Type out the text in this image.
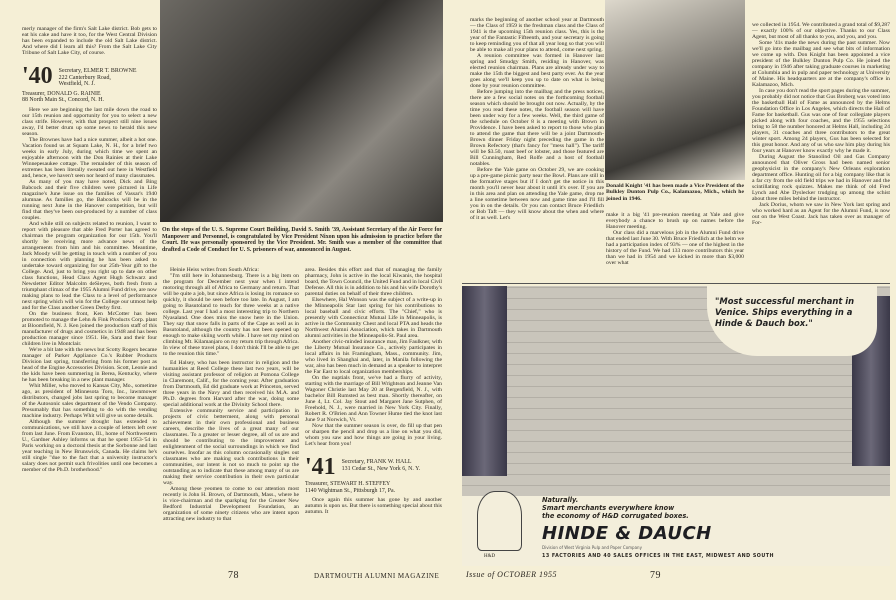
merly manager of the firm's Salt Lake district. Bob gets to eat his cake and have it too, for the West Central Division has been expanded to include the old Salt Lake district. And where did I learn all this? From the Salt Lake City Tribune of Salt Lake City, of course.

'40 Secretary, ELMER T. BROWNE
222 Canterbury Road,
Westfield, N. J.
Treasurer, DONALD G. RAINIE
88 North Main St., Concord, N. H.

Here we are beginning the last mile down the road to our 15th reunion and opportunity for you to select a new class strife. However, with that prospect still nine issues away, I'd better drum up some news to herald this new season.

The Brownes have had a nice summer, albeit a hot one. Vacation found us at Squam Lake, N. H., for a brief two weeks in early July, during which time we spent an enjoyable afternoon with the Don Rainies at their Lake Winnepesaukee cottage. The remainder of this season of extremes has been literally sweated out here in Westfield and, hence, we haven't seen nor heard of many classmates.

As many of you may have noted, Dick and Bing Babcock and their five children were pictured in Life magazine's June issue on the families of Vassar's 1940 alumnae. As families go, the Babcocks will be in the running next June in the Hanover competition, but will find that they've been out-produced by a number of class couples.

And while still on subjects related to reunion, I want to report with pleasure that able Fred Porter has agreed to chairman the program organization for our 15th. You'll shortly be receiving more advance news of the arrangements from him and his committee. Meantime, Jack Moody will be getting in touch with a number of you in connection with planning he has been asked to undertake toward organizing for our 25th-Year gift to the College. And, just to bring you right up to date on other class functions, Head Class Agent Hugh Schwarz and Newsletter Editor Malcolm deSieyes, both fresh from a triumphant climax of the 1955 Alumni Fund drive, are now making plans to lead the Class to a level of performance next spring which will win for the College our utmost help and for the Class another Green Derby first.

On the business front, Ken McCotter has been promoted to manage the Lehn & Fink Products Corp. plant at Bloomfield, N. J. Ken joined the production staff of this manufacturer of drugs and cosmetics in 1948 and has been production manager since 1951. He, Sara and their four children live in Montclair.

We're a bit late with the news but Scotty Rogers became manager of Parker Appliance Co.'s Rubber Products Division last spring, transferring from his former post as head of the Engine Accessories Division. Scott, Leonie and the kids have been summering in Berea, Kentucky, where he has been breaking in a new plant manager.

Whit Miller, who moved to Kansas City, Mo., sometime ago, as president of Minnesota Toro, Inc., lawnmower distributors, changed jobs last spring to become manager of the Autosonic sales department of the Vendo Company. Presumably that has something to do with the vending machine industry. Perhaps Whit will give us some details.

Although the summer drought has extended to communications, we still have a couple of letters left over from last June. From Evanston, Ill., home of Northwestern U., Gardner Ashley informs us that he spent 1953-'54 in Paris working on a doctoral thesis at the Sorbonne and last year teaching in New Brunswick, Canada. He claims he's still single "due to the fact that a university instructor's salary does not permit such frivolities until one becomes a member of the Ph.D. brotherhood."

On the steps of the U. S. Supreme Court Building, David S. Smith '39, Assistant Secretary of the Air Force for Manpower and Personnel, is congratulated by Vice President Nixon upon his admission to practice before the Court. He was personally sponsored by the Vice President. Mr. Smith was a member of the committee that drafted a Code of Conduct for U. S. prisoners of war, announced in August.

Heinie Heiss writes from South Africa:

"I'm still here in Johannesburg. There is a big item on the program for December next year when I intend motoring through all of Africa to Germany and return. That will be quite a job, but since Africa is losing its romance so quickly, it should be seen before too late. In August, I am going to Basutoland to teach for three weeks at a native college. Last year I had a most interesting trip to Northern Nyasaland. One does miss the snow here in the Union. They say that snow falls in parts of the Cape as well as in Basutoland, although the country has not been opened up enough to make skiing worth while. I have set my mind on climbing Mt. Kilamanjaro on my return trip through Africa. In view of these travel plans, I don't think I'll be able to get to the reunion this time."

Ed Halsey, who has been instructor in religion and the humanities at Reed College these last two years, will be visiting assistant professor of religion at Pomona College in Claremont, Calif., for the coming year. After graduation from Dartmouth, Ed did graduate work at Princeton, served three years in the Navy and then received his M.A. and Ph.D. degrees from Harvard after the war, doing some special additional work at the Divinity School there.

Extensive community service and participation in projects of civic betterment, along with personal achievement in their own professional and business careers, describe the lives of a great many of our classmates. To a greater or lesser degree, all of us are and should be contributing to the improvement and enlightenment of the social surroundings in which we find ourselves. Insofar as this column occasionally singles out classmates who are making such contributions in their communities, our intent is not so much to point up the outstanding as to indicate that these among many of us are making their service contribution in their own particular way.

Among these yeomen to come to our attention most recently is John H. Brown, of Dartmouth, Mass., where he is vice-chairman and the sparkplug for the Greater New Bedford Industrial Development Foundation, an organization of some ninety citizens who are intent upon attracting new industry to that

area. Besides this effort and that of managing the family pharmacy, John is active in the local Kiwanis, the hospital board, the Town Council, the United Fund and in local Civil Defense. All this is in addition to his and his wife Dorothy's parental duties on behalf of their three children.

Elsewhere, Hal Wonson was the subject of a write-up in the Minneapolis Star last spring for his contributions to local baseball and civic efforts. The "Chief," who is presently with Connecticut Mutual Life in Minneapolis, is active in the Community Chest and local PTA and heads the Northwest Alumni Association, which takes in Dartmouth alumni activities in the Minneapolis-St. Paul area.

Another civic-minded insurance man, Jim Faulkner, with the Liberty Mutual Insurance Co., actively participates in local affairs in his Framingham, Mass., community. Jim, who lived in Shanghai and, later, in Manila following the war, also has been much in demand as a speaker to interpret the Far East to local organization memberships.

On the nuptials front, we've had a flurry of activity, starting with the marriage of Bill Wrightson and Jeanne Van Wagoner Christie last May 20 at Bergenfield, N. J., with bachelor Bill Rumsted as best man. Shortly thereafter, on June 4, Lt. Col. Jay Stout and Margaret Jane Sutphen, of Freehold, N. J., were married in New York City. Finally, Robert R. O'Brien and Ann Towner Hume tied the knot last June 9 at Norwich, Vt.

Now that the summer season is over, do fill up that pen or sharpen the pencil and drop us a line on what you did, whom you saw and how things are going in your living. Let's hear from you!

'41 Secretary, FRANK W. HALL
131 Cedar St., New York 6, N. Y.
Treasurer, STEWART H. STEFFEY
1140 Wightman St., Pittsburgh 17, Pa.

Once again this summer has gone by and another autumn is upon us. But there is something special about this autumn. It

78	DARTMOUTH ALUMNI MAGAZINE

marks the beginning of another school year at Dartmouth — the Class of 1959 is the freshman class and the Class of 1941 is the upcoming 15th reunion class. Yes, this is the year of the Fantastic Fifteenth, and your secretary is going to keep reminding you of that all year long so that you will be able to make all your plans to attend, come next spring.

A reunion committee was formed in Hanover last spring and Smudgy Smith, residing in Hanover, was elected reunion chairman. Plans are already under way to make the 15th the biggest and best party ever. As the year goes along we'll keep you up to date on what is being done by your reunion committee.

Before jumping into the mailbag and the press notices, there are a few social notes on the forthcoming football season which should be brought out now. Actually, by the time you read these notes, the football season will have been under way for a few weeks. Well, the third game of the schedule on October 8 is a meeting with Brown in Providence. I have been asked to report to those who plan to attend the game that there will be a joint Dartmouth-Brown dinner Friday night preceding the game in the Brown Refectory (that's fancy for "mess hall"). The tariff will be $3.50, roast beef or lobster, and those featured are Bill Cunningham, Red Rolfe and a host of football notables.

Before the Yale game on October 29, we are cooking up a pre-game picnic party near the Bowl. Plans are still in the formative stages but if I don't get the notice in this month you'll never hear about it until it's over. If you are in this area and plan on attending the Yale game, drop me a line sometime between now and game time and I'll fill you in on the details. Or you can contact Bruce Friedlich or Bob Taft — they will know about the when and where of it as well. Let's

Donald Knight '41 has been made a Vice President of the Bulkley Dunton Pulp Co., Kalamazoo, Mich., which he joined in 1946.

make it a big '41 pre-reunion meeting at Yale and give everybody a chance to brush up on names before the Hanover meeting.

Our class did a marvelous job in the Alumni Fund drive that ended last June 30. With Bruce Friedlich at the helm we had a participation index of 93% — one of the highest in the history of the Fund. We had 133 more contributors this year than we had in 1954 and we kicked in more than $3,000 over what

we collected in 1954. We contributed a grand total of $9,287 — exactly 100% of our objective. Thanks to our Class Agent, but most of all thanks to you, and you, and you.

Some '41s made the news during the past summer. Now we'll go into the mailbag and see what bits of information we come up with. Don Knight has been appointed a vice president of the Bulkley Dunton Pulp Co. He joined the company in 1946 after taking graduate courses in marketing at Columbia and in pulp and paper technology at University of Maine. His headquarters are at the company's office in Kalamazoo, Mich.

In case you don't read the sport pages during the summer, you probably did not notice that Gus Broberg was voted into the basketball Hall of Fame as announced by the Helms Foundation Office in Los Angeles, which directs the Hall of Fame for basketball. Gus was one of four collegiate players picked along with four coaches, and the 1955 selections bring to 58 the number honored at Helms Hall, including 24 players, 31 coaches and three contributors to the great winter sport. Among 24 players, Gus has been selected for this great honor. And any of us who saw him play during his four years at Hanover know exactly why he made it.

During August the Stanolind Oil and Gas Company announced that Oliver Gross had been named senior geophysicist in the company's New Orleans exploration department office. Hunting oil for a big company like that is a far cry from the old field trips we had in Hanover and the scintillating rock quizzes. Makes me think of old Fred Lynch and Abe Dyslecker trudging up among the schist about three miles behind the instructor.

Jack Dorius, whom we saw in New York last spring and who worked hard as an Agent for the Alumni Fund, is now out on the West Coast. Jack has taken over as manager of For-

"Most successful merchant in Venice. Ships everything in a Hinde & Dauch box."
H&D
Naturally.
Smart merchants everywhere know
the economy of H&D corrugated boxes.
HINDE & DAUCH
Division of West Virginia Pulp and Paper Company
13 FACTORIES AND 40 SALES OFFICES IN THE EAST, MIDWEST AND SOUTH
Issue of OCTOBER 1955	79
